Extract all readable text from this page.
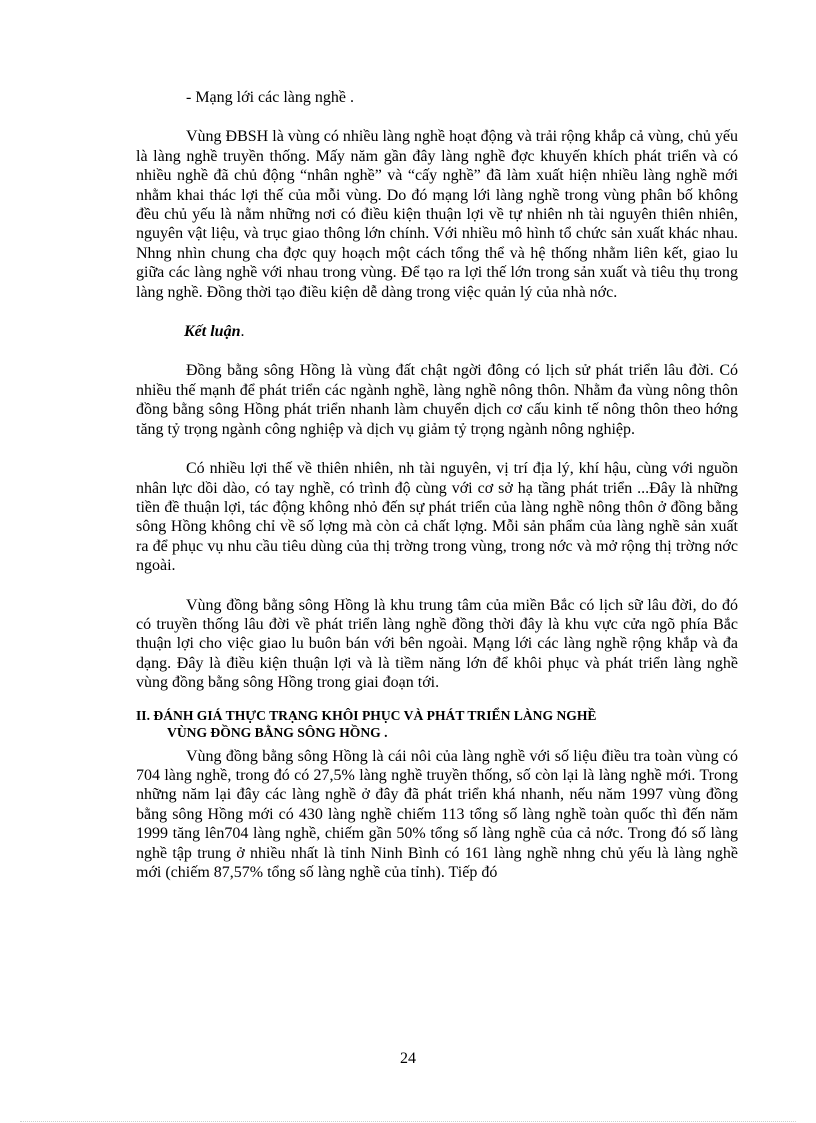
- Mạng lới các làng nghề .

Vùng ĐBSH là vùng có nhiều làng nghề hoạt động và trải rộng khắp cả vùng, chủ yếu là làng nghề truyền thống. Mấy năm gần đây làng nghề đợc khuyến khích phát triển và có nhiều nghề đã chủ động “nhân nghề” và “cấy nghề” đã làm xuất hiện nhiều làng nghề mới nhằm khai thác lợi thế của mỗi vùng. Do đó mạng lới làng nghề trong vùng phân bố không đều chủ yếu là nằm những nơi có điều kiện thuận lợi về tự nhiên nh tài nguyên thiên nhiên, nguyên vật liệu, và trục giao thông lớn chính. Với nhiều mô hình tổ chức sản xuất khác nhau. Nhng nhìn chung cha đợc quy hoạch một cách tổng thể và hệ thống nhằm liên kết, giao lu giữa các làng nghề với nhau trong vùng. Để tạo ra lợi thế lớn trong sản xuất và tiêu thụ trong làng nghề. Đồng thời tạo điều kiện dễ dàng trong việc quản lý của nhà nớc.

Kết luận.

Đồng bằng sông Hồng là vùng đất chật ngời đông có lịch sử phát triển lâu đời. Có nhiều thế mạnh để phát triển các ngành nghề, làng nghề nông thôn. Nhằm đa vùng nông thôn đồng bằng sông Hồng phát triển nhanh làm chuyển dịch cơ cấu kinh tế nông thôn theo hớng tăng tỷ trọng ngành công nghiệp và dịch vụ giảm tỷ trọng ngành nông nghiệp.

Có nhiều lợi thế về thiên nhiên, nh tài nguyên, vị trí địa lý, khí hậu, cùng với nguồn nhân lực dồi dào, có tay nghề, có trình độ cùng với cơ sở hạ tầng phát triển ...Đây là những tiền đề thuận lợi, tác động không nhỏ đến sự phát triển của làng nghề nông thôn ở đồng bằng sông Hồng không chỉ về số lợng mà còn cả chất lợng. Mỗi sản phẩm của làng nghề sản xuất ra để phục vụ nhu cầu tiêu dùng của thị trờng trong vùng, trong nớc và mở rộng thị trờng nớc ngoài.

Vùng đồng bằng sông Hồng là khu trung tâm của miền Bắc có lịch sữ lâu đời, do đó có truyền thống lâu đời về phát triển làng nghề đồng thời đây là khu vực cửa ngõ phía Bắc thuận lợi cho việc giao lu buôn bán với bên ngoài. Mạng lới các làng nghề rộng khắp và đa dạng. Đây là điều kiện thuận lợi và là tiềm năng lớn để khôi phục và phát triển làng nghề vùng đồng bằng sông Hồng trong giai đoạn tới.

II. ĐÁNH GIÁ THỰC TRẠNG KHÔI PHỤC VÀ PHÁT TRIỂN LÀNG NGHỀ
VÙNG ĐỒNG BẰNG SÔNG HỒNG .

Vùng đồng bằng sông Hồng là cái nôi của làng nghề với số liệu điều tra toàn vùng có 704 làng nghề, trong đó có 27,5% làng nghề truyền thống, số còn lại là làng nghề mới. Trong những năm lại đây các làng nghề ở đây đã phát triển khá nhanh, nếu năm 1997 vùng đồng bằng sông Hồng mới có 430 làng nghề chiếm 113 tổng số làng nghề toàn quốc thì đến năm 1999 tăng lên704 làng nghề, chiếm gần 50% tổng số làng nghề của cả nớc. Trong đó số làng nghề tập trung ở nhiều nhất là tỉnh Ninh Bình có 161 làng nghề nhng chủ yếu là làng nghề mới (chiếm 87,57% tổng số làng nghề của tỉnh). Tiếp đó

24
